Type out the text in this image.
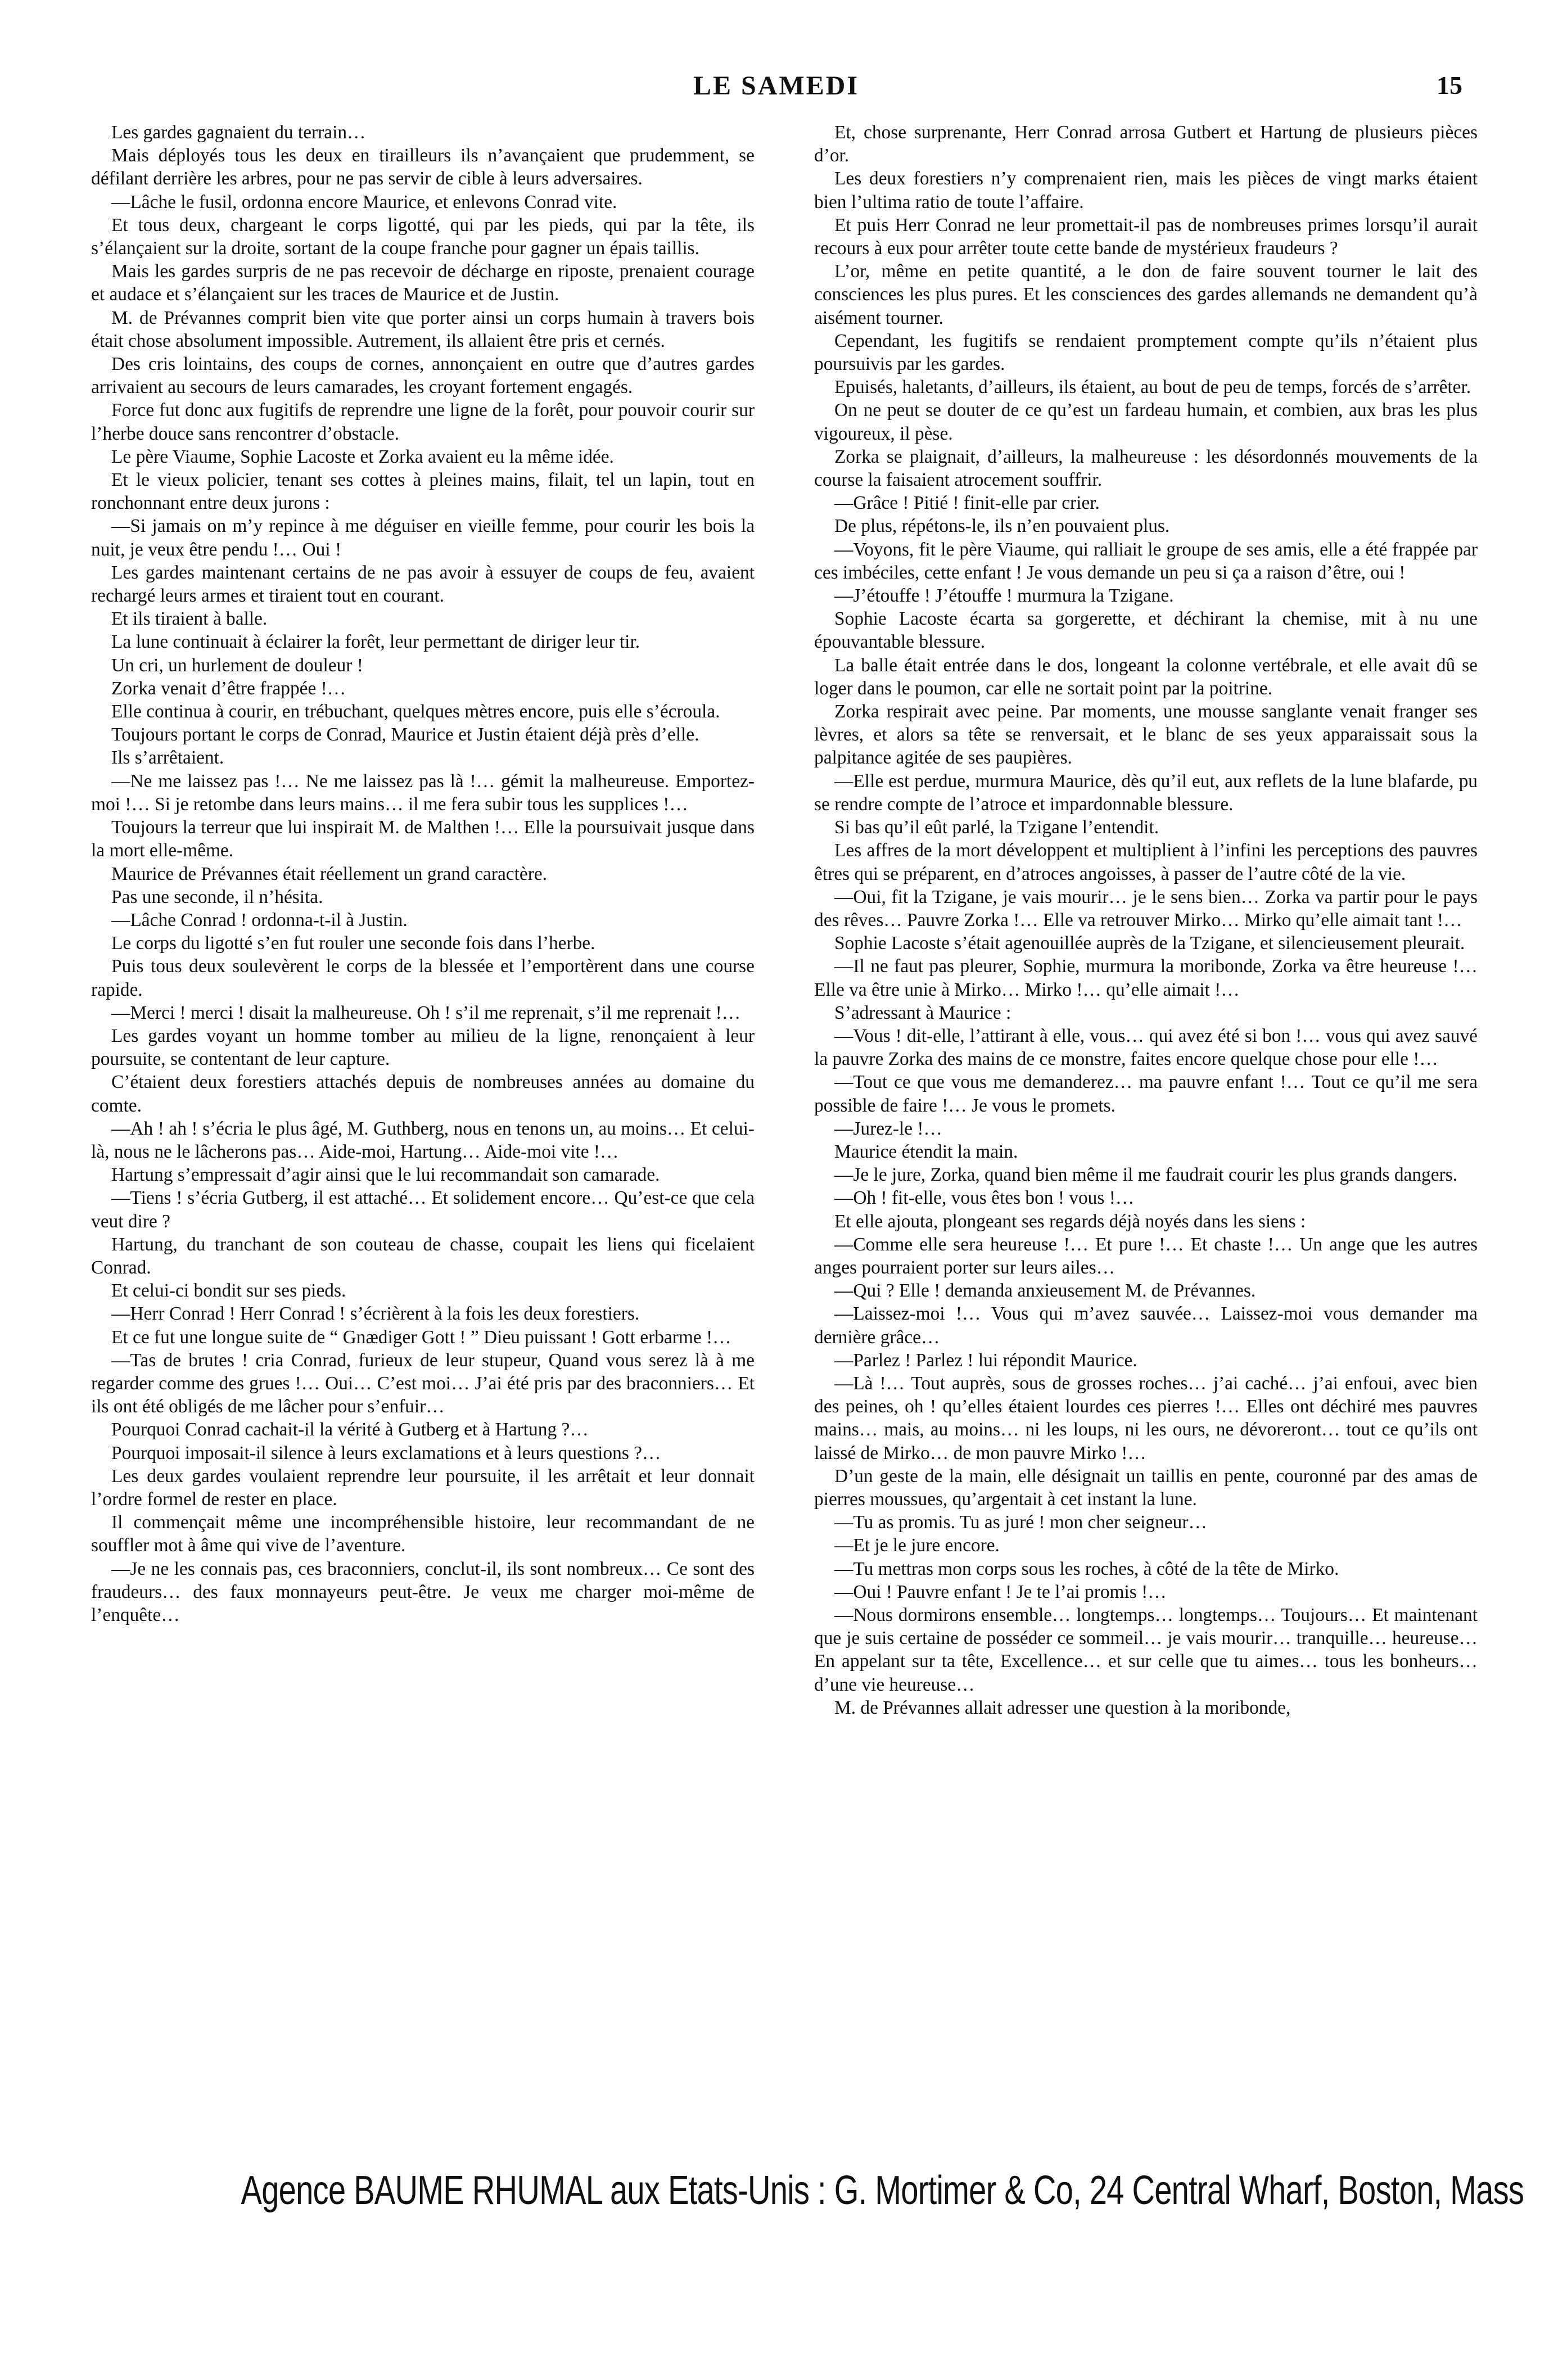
LE SAMEDI	15

Les gardes gagnaient du terrain…

Mais déployés tous les deux en tirailleurs ils n’avançaient que prudemment, se défilant derrière les arbres, pour ne pas servir de cible à leurs adversaires.

—Lâche le fusil, ordonna encore Maurice, et enlevons Conrad vite.

Et tous deux, chargeant le corps ligotté, qui par les pieds, qui par la tête, ils s’élançaient sur la droite, sortant de la coupe franche pour gagner un épais taillis.

Mais les gardes surpris de ne pas recevoir de décharge en riposte, prenaient courage et audace et s’élançaient sur les traces de Maurice et de Justin.

M. de Prévannes comprit bien vite que porter ainsi un corps humain à travers bois était chose absolument impossible. Autrement, ils allaient être pris et cernés.

Des cris lointains, des coups de cornes, annonçaient en outre que d’autres gardes arrivaient au secours de leurs camarades, les croyant fortement engagés.

Force fut donc aux fugitifs de reprendre une ligne de la forêt, pour pouvoir courir sur l’herbe douce sans rencontrer d’obstacle.

Le père Viaume, Sophie Lacoste et Zorka avaient eu la même idée.

Et le vieux policier, tenant ses cottes à pleines mains, filait, tel un lapin, tout en ronchonnant entre deux jurons :

—Si jamais on m’y repince à me déguiser en vieille femme, pour courir les bois la nuit, je veux être pendu !… Oui !

Les gardes maintenant certains de ne pas avoir à essuyer de coups de feu, avaient rechargé leurs armes et tiraient tout en courant.

Et ils tiraient à balle.

La lune continuait à éclairer la forêt, leur permettant de diriger leur tir.

Un cri, un hurlement de douleur !

Zorka venait d’être frappée !…

Elle continua à courir, en trébuchant, quelques mètres encore, puis elle s’écroula.

Toujours portant le corps de Conrad, Maurice et Justin étaient déjà près d’elle.

Ils s’arrêtaient.

—Ne me laissez pas !… Ne me laissez pas là !… gémit la malheureuse. Emportez-moi !… Si je retombe dans leurs mains… il me fera subir tous les supplices !…

Toujours la terreur que lui inspirait M. de Malthen !… Elle la poursuivait jusque dans la mort elle-même.

Maurice de Prévannes était réellement un grand caractère.

Pas une seconde, il n’hésita.

—Lâche Conrad ! ordonna-t-il à Justin.

Le corps du ligotté s’en fut rouler une seconde fois dans l’herbe.

Puis tous deux soulevèrent le corps de la blessée et l’emportèrent dans une course rapide.

—Merci ! merci ! disait la malheureuse. Oh ! s’il me reprenait, s’il me reprenait !…

Les gardes voyant un homme tomber au milieu de la ligne, renonçaient à leur poursuite, se contentant de leur capture.

C’étaient deux forestiers attachés depuis de nombreuses années au domaine du comte.

—Ah ! ah ! s’écria le plus âgé, M. Guthberg, nous en tenons un, au moins… Et celui-là, nous ne le lâcherons pas… Aide-moi, Hartung… Aide-moi vite !…

Hartung s’empressait d’agir ainsi que le lui recommandait son camarade.

—Tiens ! s’écria Gutberg, il est attaché… Et solidement encore… Qu’est-ce que cela veut dire ?

Hartung, du tranchant de son couteau de chasse, coupait les liens qui ficelaient Conrad.

Et celui-ci bondit sur ses pieds.

—Herr Conrad ! Herr Conrad ! s’écrièrent à la fois les deux forestiers.

Et ce fut une longue suite de “ Gnædiger Gott ! ” Dieu puissant ! Gott erbarme !…

—Tas de brutes ! cria Conrad, furieux de leur stupeur, Quand vous serez là à me regarder comme des grues !… Oui… C’est moi… J’ai été pris par des braconniers… Et ils ont été obligés de me lâcher pour s’enfuir…

Pourquoi Conrad cachait-il la vérité à Gutberg et à Hartung ?…

Pourquoi imposait-il silence à leurs exclamations et à leurs questions ?…

Les deux gardes voulaient reprendre leur poursuite, il les arrêtait et leur donnait l’ordre formel de rester en place.

Il commençait même une incompréhensible histoire, leur recommandant de ne souffler mot à âme qui vive de l’aventure.

—Je ne les connais pas, ces braconniers, conclut-il, ils sont nombreux… Ce sont des fraudeurs… des faux monnayeurs peut-être. Je veux me charger moi-même de l’enquête…

Et, chose surprenante, Herr Conrad arrosa Gutbert et Hartung de plusieurs pièces d’or.

Les deux forestiers n’y comprenaient rien, mais les pièces de vingt marks étaient bien l’ultima ratio de toute l’affaire.

Et puis Herr Conrad ne leur promettait-il pas de nombreuses primes lorsqu’il aurait recours à eux pour arrêter toute cette bande de mystérieux fraudeurs ?

L’or, même en petite quantité, a le don de faire souvent tourner le lait des consciences les plus pures. Et les consciences des gardes allemands ne demandent qu’à aisément tourner.

Cependant, les fugitifs se rendaient promptement compte qu’ils n’étaient plus poursuivis par les gardes.

Epuisés, haletants, d’ailleurs, ils étaient, au bout de peu de temps, forcés de s’arrêter.

On ne peut se douter de ce qu’est un fardeau humain, et combien, aux bras les plus vigoureux, il pèse.

Zorka se plaignait, d’ailleurs, la malheureuse : les désordonnés mouvements de la course la faisaient atrocement souffrir.

—Grâce ! Pitié ! finit-elle par crier.

De plus, répétons-le, ils n’en pouvaient plus.

—Voyons, fit le père Viaume, qui ralliait le groupe de ses amis, elle a été frappée par ces imbéciles, cette enfant ! Je vous demande un peu si ça a raison d’être, oui !

—J’étouffe ! J’étouffe ! murmura la Tzigane.

Sophie Lacoste écarta sa gorgerette, et déchirant la chemise, mit à nu une épouvantable blessure.

La balle était entrée dans le dos, longeant la colonne vertébrale, et elle avait dû se loger dans le poumon, car elle ne sortait point par la poitrine.

Zorka respirait avec peine. Par moments, une mousse sanglante venait franger ses lèvres, et alors sa tête se renversait, et le blanc de ses yeux apparaissait sous la palpitance agitée de ses paupières.

—Elle est perdue, murmura Maurice, dès qu’il eut, aux reflets de la lune blafarde, pu se rendre compte de l’atroce et impardonnable blessure.

Si bas qu’il eût parlé, la Tzigane l’entendit.

Les affres de la mort développent et multiplient à l’infini les perceptions des pauvres êtres qui se préparent, en d’atroces angoisses, à passer de l’autre côté de la vie.

—Oui, fit la Tzigane, je vais mourir… je le sens bien… Zorka va partir pour le pays des rêves… Pauvre Zorka !… Elle va retrouver Mirko… Mirko qu’elle aimait tant !…

Sophie Lacoste s’était agenouillée auprès de la Tzigane, et silencieusement pleurait.

—Il ne faut pas pleurer, Sophie, murmura la moribonde, Zorka va être heureuse !… Elle va être unie à Mirko… Mirko !… qu’elle aimait !…

S’adressant à Maurice :

—Vous ! dit-elle, l’attirant à elle, vous… qui avez été si bon !… vous qui avez sauvé la pauvre Zorka des mains de ce monstre, faites encore quelque chose pour elle !…

—Tout ce que vous me demanderez… ma pauvre enfant !… Tout ce qu’il me sera possible de faire !… Je vous le promets.

—Jurez-le !…

Maurice étendit la main.

—Je le jure, Zorka, quand bien même il me faudrait courir les plus grands dangers.

—Oh ! fit-elle, vous êtes bon ! vous !…

Et elle ajouta, plongeant ses regards déjà noyés dans les siens :

—Comme elle sera heureuse !… Et pure !… Et chaste !… Un ange que les autres anges pourraient porter sur leurs ailes…

—Qui ? Elle ! demanda anxieusement M. de Prévannes.

—Laissez-moi !… Vous qui m’avez sauvée… Laissez-moi vous demander ma dernière grâce…

—Parlez ! Parlez ! lui répondit Maurice.

—Là !… Tout auprès, sous de grosses roches… j’ai caché… j’ai enfoui, avec bien des peines, oh ! qu’elles étaient lourdes ces pierres !… Elles ont déchiré mes pauvres mains… mais, au moins… ni les loups, ni les ours, ne dévoreront… tout ce qu’ils ont laissé de Mirko… de mon pauvre Mirko !…

D’un geste de la main, elle désignait un taillis en pente, couronné par des amas de pierres moussues, qu’argentait à cet instant la lune.

—Tu as promis. Tu as juré ! mon cher seigneur…

—Et je le jure encore.

—Tu mettras mon corps sous les roches, à côté de la tête de Mirko.

—Oui ! Pauvre enfant ! Je te l’ai promis !…

—Nous dormirons ensemble… longtemps… longtemps… Toujours… Et maintenant que je suis certaine de posséder ce sommeil… je vais mourir… tranquille… heureuse… En appelant sur ta tête, Excellence… et sur celle que tu aimes… tous les bonheurs… d’une vie heureuse…

M. de Prévannes allait adresser une question à la moribonde,

Agence BAUME RHUMAL aux Etats-Unis : G. Mortimer & Co, 24 Central Wharf, Boston, Mass
